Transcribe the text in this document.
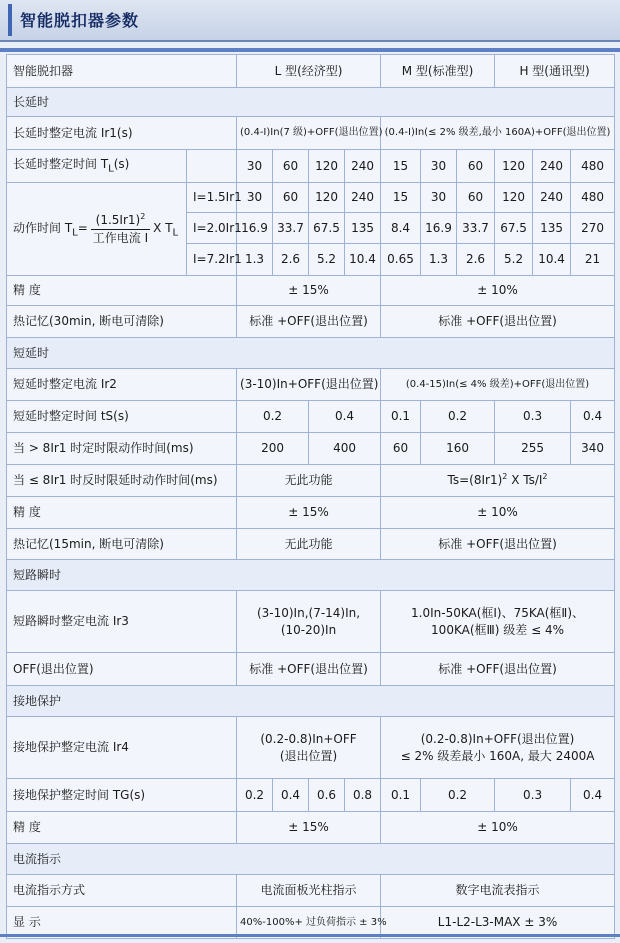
智能脱扣器参数
智能脱扣器		L 型(经济型)				M 型(标准型)			H 型(通讯型)		
长延时											
长延时整定电流 Ir1(s)		(0.4-I)In(7 级)+OFF(退出位置)				(0.4-I)In(≤ 2% 级差,最小 160A)+OFF(退出位置)					
长延时整定时间 $T_L(s)$		30	60	120	240	15	30	60	120	240	480
动作时间 $T_L= \frac{(1.5Ir1)^2}{\text{工作电流 I}}$ X $T_L$	I=1.5Ir1	30	60	120	240	15	30	60	120	240	480
	I=2.0Ir1	16.9	33.7	67.5	135	8.4	16.9	33.7	67.5	135	270
	I=7.2Ir1	1.3	2.6	5.2	10.4	0.65	1.3	2.6	5.2	10.4	21
精 度		± 15%				± 10%					
热记忆(30min, 断电可清除)		标准 +OFF(退出位置)				标准 +OFF(退出位置)					
短延时											
短延时整定电流 Ir2		(3-10)In+OFF(退出位置)				(0.4-15)In(≤ 4% 级差)+OFF(退出位置)					
短延时整定时间 tS(s)		0.2		0.4		0.1	0.2		0.3		0.4
当 > 8Ir1 时定时限动作时间(ms)		200		400		60	160		255		340
当 ≤ 8Ir1 时反时限延时动作时间(ms)		无此功能				$Ts=(8Ir1)^2$ X $Ts/I^2$
精 度		± 15%				± 10%					
热记忆(15min, 断电可清除)		无此功能				标准 +OFF(退出位置)					
短路瞬时											
短路瞬时整定电流 Ir3		(3-10)In,(7-14)In,
(10-20)In				1.0In-50KA(框Ⅰ)、75KA(框Ⅱ)、
100KA(框Ⅲ) 级差 ≤ 4%					
OFF(退出位置)		标准 +OFF(退出位置)				标准 +OFF(退出位置)					
接地保护											
接地保护整定电流 Ir4		(0.2-0.8)In+OFF
(退出位置)				(0.2-0.8)In+OFF(退出位置)
≤ 2% 级差最小 160A, 最大 2400A					
接地保护整定时间 TG(s)		0.2	0.4	0.6	0.8	0.1	0.2		0.3		0.4
精 度		± 15%				± 10%					
电流指示											
电流指示方式		电流面板光柱指示				数字电流表指示					
显 示		40%-100%+ 过负荷指示 ± 3%				L1-L2-L3-MAX ± 3%					
